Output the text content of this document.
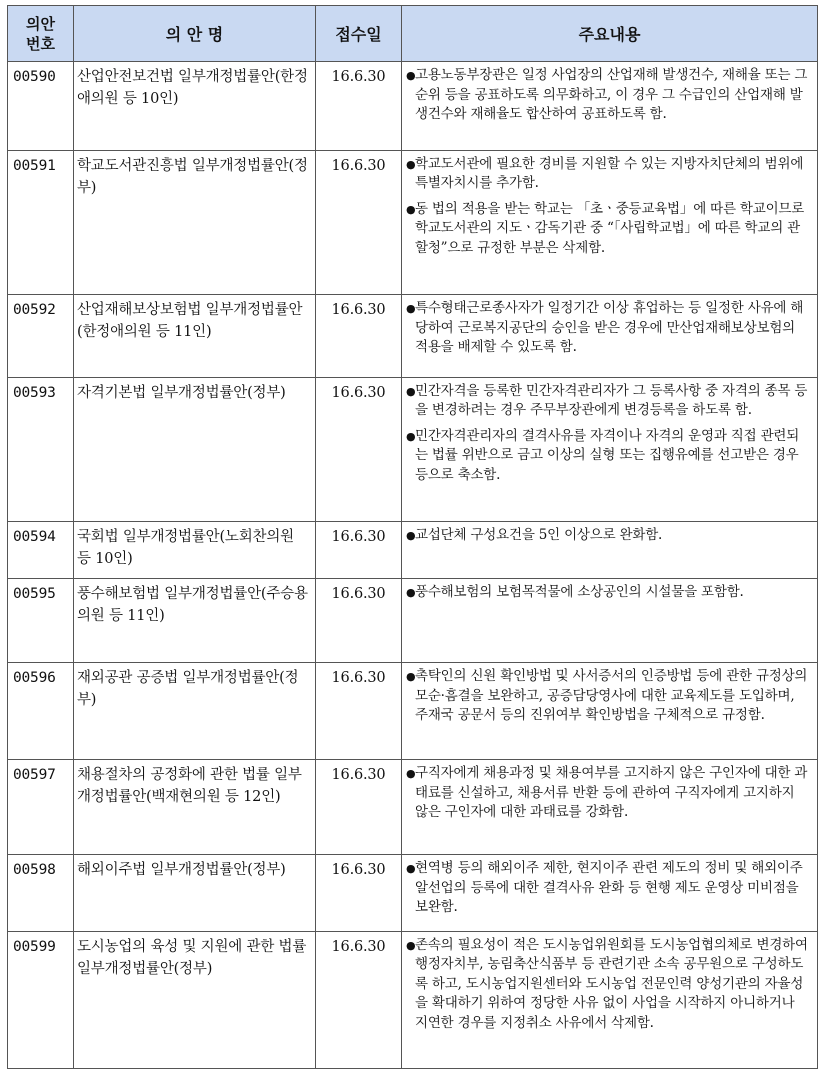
의안
번호	의 안 명	접수일	주요내용
00590	산업안전보건법 일부개정법률안(한정애의원 등 10인)	16.6.30	● 고용노동부장관은 일정 사업장의 산업재해 발생건수, 재해율 또는 그 순위 등을 공표하도록 의무화하고, 이 경우 그 수급인의 산업재해 발생건수와 재해율도 합산하여 공표하도록 함.

00591	학교도서관진흥법 일부개정법률안(정부)	16.6.30	● 학교도서관에 필요한 경비를 지원할 수 있는 지방자치단체의 범위에 특별자치시를 추가함.
● 동 법의 적용을 받는 학교는 「초ㆍ중등교육법」에 따른 학교이므로 학교도서관의 지도ㆍ감독기관 중 “「사립학교법」에 따른 학교의 관할청”으로 규정한 부분은 삭제함.

00592	산업재해보상보험법 일부개정법률안(한정애의원 등 11인)	16.6.30	● 특수형태근로종사자가 일정기간 이상 휴업하는 등 일정한 사유에 해당하여 근로복지공단의 승인을 받은 경우에 만산업재해보상보험의 적용을 배제할 수 있도록 함.

00593	자격기본법 일부개정법률안(정부)	16.6.30	● 민간자격을 등록한 민간자격관리자가 그 등록사항 중 자격의 종목 등을 변경하려는 경우 주무부장관에게 변경등록을 하도록 함.
● 민간자격관리자의 결격사유를 자격이나 자격의 운영과 직접 관련되는 법률 위반으로 금고 이상의 실형 또는 집행유예를 선고받은 경우 등으로 축소함.

00594	국회법 일부개정법률안(노회찬의원 등 10인)	16.6.30	● 교섭단체 구성요건을 5인 이상으로 완화함.

00595	풍수해보험법 일부개정법률안(주승용의원 등 11인)	16.6.30	● 풍수해보험의 보험목적물에 소상공인의 시설물을 포함함.

00596	재외공관 공증법 일부개정법률안(정부)	16.6.30	● 촉탁인의 신원 확인방법 및 사서증서의 인증방법 등에 관한 규정상의 모순·흠결을 보완하고, 공증담당영사에 대한 교육제도를 도입하며, 주재국 공문서 등의 진위여부 확인방법을 구체적으로 규정함.

00597	채용절차의 공정화에 관한 법률 일부개정법률안(백재현의원 등 12인)	16.6.30	● 구직자에게 채용과정 및 채용여부를 고지하지 않은 구인자에 대한 과태료를 신설하고, 채용서류 반환 등에 관하여 구직자에게 고지하지 않은 구인자에 대한 과태료를 강화함.

00598	해외이주법 일부개정법률안(정부)	16.6.30	● 현역병 등의 해외이주 제한, 현지이주 관련 제도의 정비 및 해외이주알선업의 등록에 대한 결격사유 완화 등 현행 제도 운영상 미비점을 보완함.

00599	도시농업의 육성 및 지원에 관한 법률 일부개정법률안(정부)	16.6.30	● 존속의 필요성이 적은 도시농업위원회를 도시농업협의체로 변경하여 행정자치부, 농림축산식품부 등 관련기관 소속 공무원으로 구성하도록 하고, 도시농업지원센터와 도시농업 전문인력 양성기관의 자율성을 확대하기 위하여 정당한 사유 없이 사업을 시작하지 아니하거나 지연한 경우를 지정취소 사유에서 삭제함.
